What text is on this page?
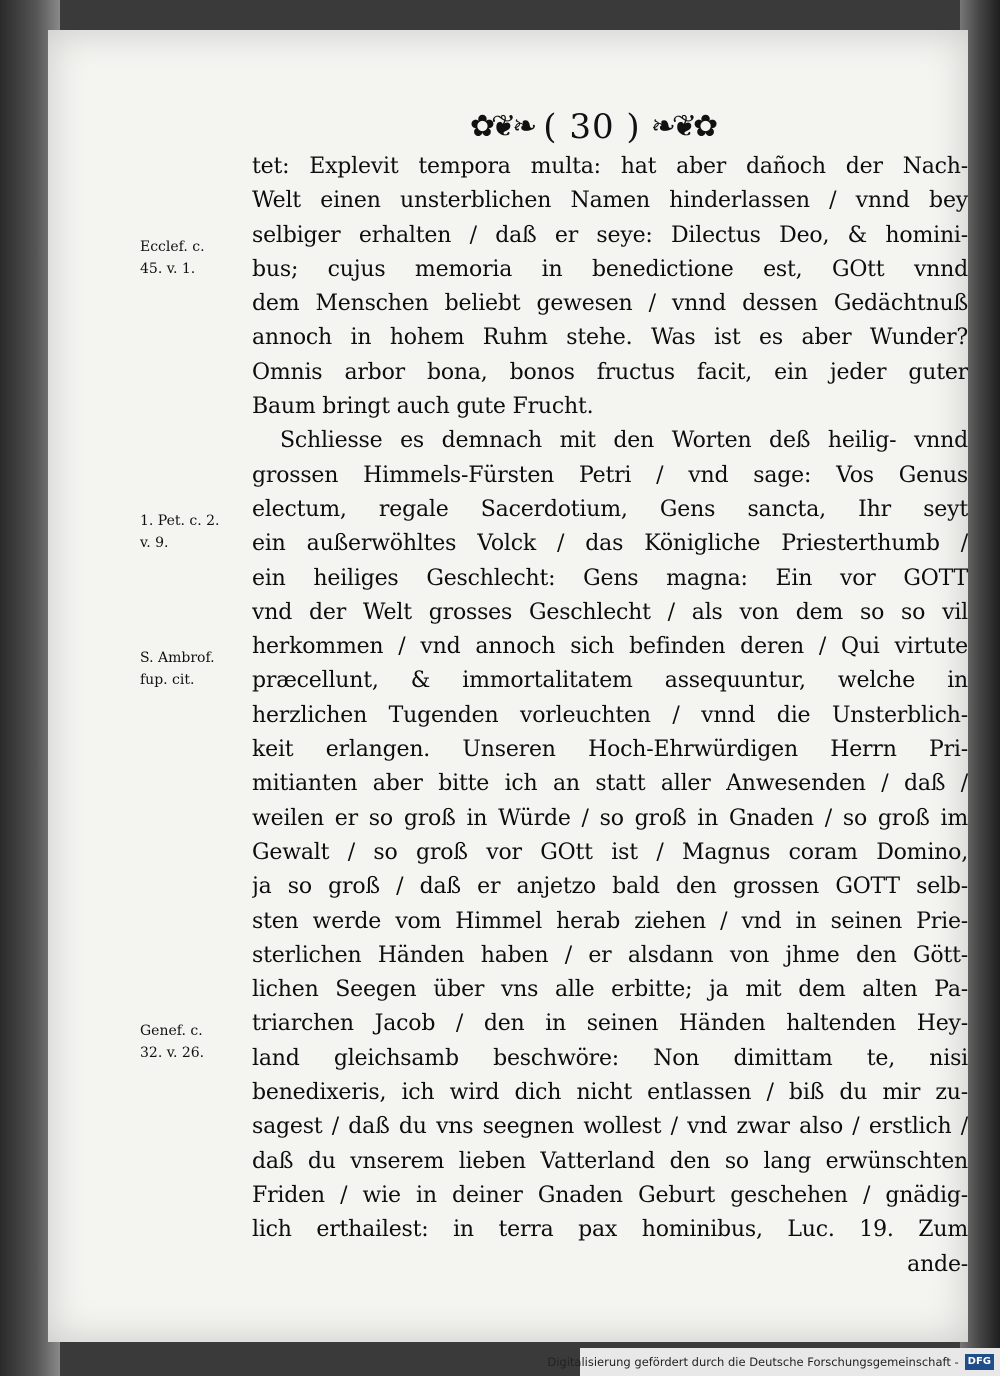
✿❦❧ ( 30 ) ❧❦✿
Ecclef. c.
45. v. 1.
1. Pet. c. 2.
v. 9.
S. Ambrof.
fup. cit.
Genef. c.
32. v. 26.
tet: Explevit tempora multa: hat aber dañoch der Nach-
Welt einen unsterblichen Namen hinderlassen / vnnd bey
selbiger erhalten / daß er seye: Dilectus Deo, & homini-
bus; cujus memoria in benedictione est, GOtt vnnd
dem Menschen beliebt gewesen / vnnd dessen Gedächtnuß
annoch in hohem Ruhm stehe. Was ist es aber Wunder?
Omnis arbor bona, bonos fructus facit, ein jeder guter
Baum bringt auch gute Frucht.
Schliesse es demnach mit den Worten deß heilig- vnnd
grossen Himmels-Fürsten Petri / vnd sage: Vos Genus
electum, regale Sacerdotium, Gens sancta, Ihr seyt
ein außerwöhltes Volck / das Königliche Priesterthumb /
ein heiliges Geschlecht: Gens magna: Ein vor GOTT
vnd der Welt grosses Geschlecht / als von dem so so vil
herkommen / vnd annoch sich befinden deren / Qui virtute
præcellunt, & immortalitatem assequuntur, welche in
herzlichen Tugenden vorleuchten / vnnd die Unsterblich-
keit erlangen. Unseren Hoch-Ehrwürdigen Herrn Pri-
mitianten aber bitte ich an statt aller Anwesenden / daß /
weilen er so groß in Würde / so groß in Gnaden / so groß im
Gewalt / so groß vor GOtt ist / Magnus coram Domino,
ja so groß / daß er anjetzo bald den grossen GOTT selb-
sten werde vom Himmel herab ziehen / vnd in seinen Prie-
sterlichen Händen haben / er alsdann von jhme den Gött-
lichen Seegen über vns alle erbitte; ja mit dem alten Pa-
triarchen Jacob / den in seinen Händen haltenden Hey-
land gleichsamb beschwöre: Non dimittam te, nisi
benedixeris, ich wird dich nicht entlassen / biß du mir zu-
sagest / daß du vns seegnen wollest / vnd zwar also / erstlich /
daß du vnserem lieben Vatterland den so lang erwünschten
Friden / wie in deiner Gnaden Geburt geschehen / gnädig-
lich erthailest: in terra pax hominibus, Luc. 19. Zum
ande-
Digitalisierung gefördert durch die Deutsche Forschungsgemeinschaft - DFG
